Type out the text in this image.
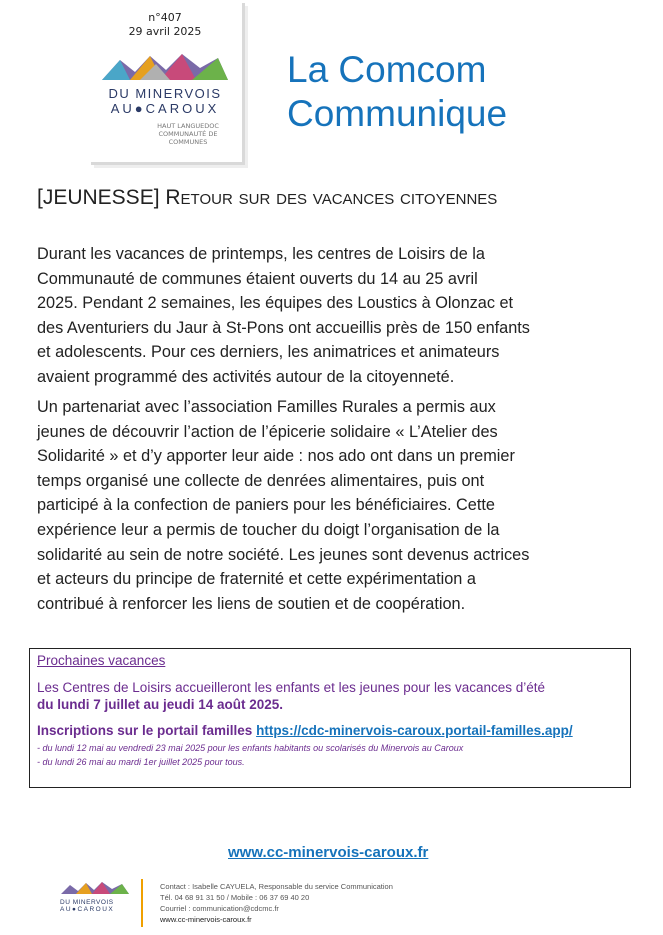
n°407
29 avril 2025
DU MINERVOIS
AU●CAROUX
HAUT LANGUEDOC
COMMUNAUTÉ DE COMMUNES
La Comcom
Communique
[JEUNESSE] Retour sur des vacances citoyennes
Durant les vacances de printemps, les centres de Loisirs de la
Communauté de communes étaient ouverts du 14 au 25 avril
2025. Pendant 2 semaines, les équipes des Loustics à Olonzac et
des Aventuriers du Jaur à St-Pons ont accueillis près de 150 enfants
et adolescents. Pour ces derniers, les animatrices et animateurs
avaient programmé des activités autour de la citoyenneté.
Un partenariat avec l’association Familles Rurales a permis aux
jeunes de découvrir l’action de l’épicerie solidaire « L’Atelier des
Solidarité » et d’y apporter leur aide : nos ado ont dans un premier
temps organisé une collecte de denrées alimentaires, puis ont
participé à la confection de paniers pour les bénéficiaires. Cette
expérience leur a permis de toucher du doigt l’organisation de la
solidarité au sein de notre société. Les jeunes sont devenus actrices
et acteurs du principe de fraternité et cette expérimentation a
contribué à renforcer les liens de soutien et de coopération.
Prochaines vacances
Les Centres de Loisirs accueilleront les enfants et les jeunes pour les vacances d’été
du lundi 7 juillet au jeudi 14 août 2025.
Inscriptions sur le portail familles https://cdc-minervois-caroux.portail-familles.app/
- du lundi 12 mai au vendredi 23 mai 2025 pour les enfants habitants ou scolarisés du Minervois au Caroux
- du lundi 26 mai au mardi 1er juillet 2025 pour tous.
www.cc-minervois-caroux.fr
DU MINERVOIS
AU●CAROUX
Contact : Isabelle CAYUELA, Responsable du service Communication
Tél. 04 68 91 31 50 / Mobile : 06 37 69 40 20
Courriel : communication@cdcmc.fr
www.cc-minervois-caroux.fr
